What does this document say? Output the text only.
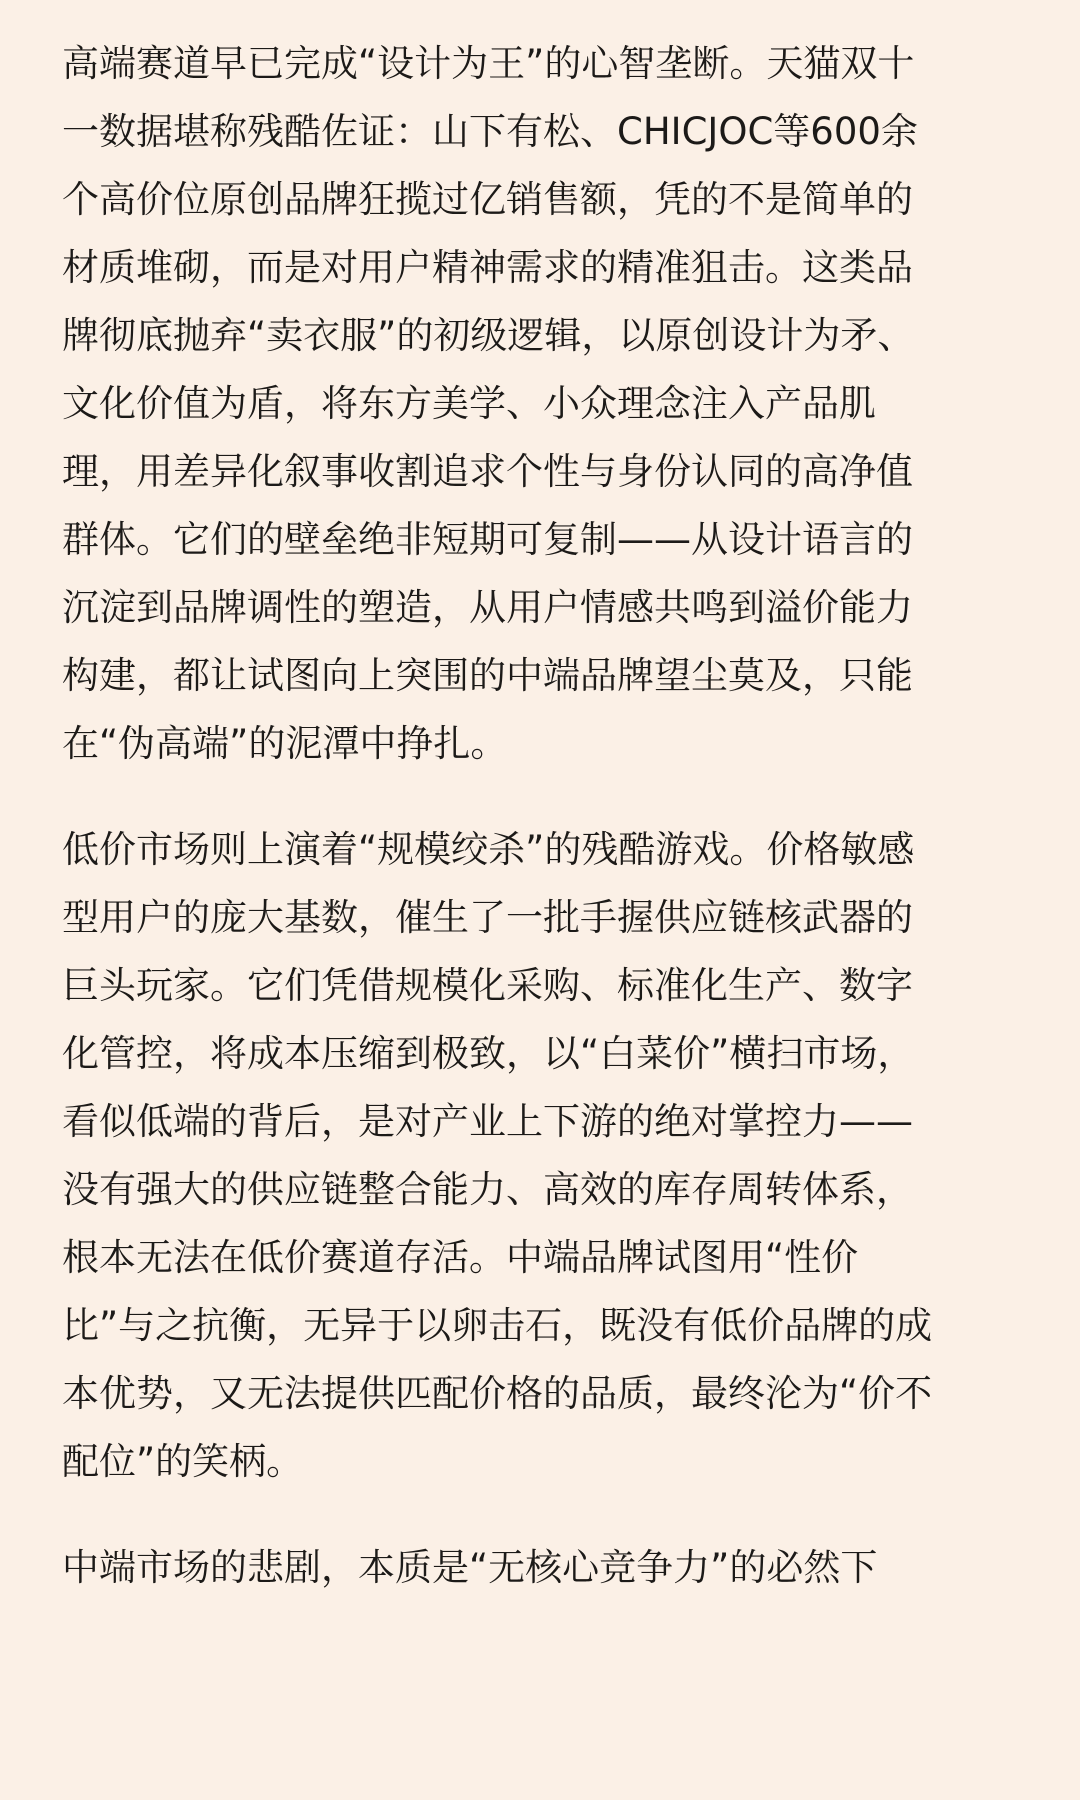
高端赛道早已完成“设计为王”的心智垄断。天猫双十
一数据堪称残酷佐证：山下有松、CHICJOC等600余
个高价位原创品牌狂揽过亿销售额，凭的不是简单的
材质堆砌，而是对用户精神需求的精准狙击。这类品
牌彻底抛弃“卖衣服”的初级逻辑，以原创设计为矛、
文化价值为盾，将东方美学、小众理念注入产品肌
理，用差异化叙事收割追求个性与身份认同的高净值
群体。它们的壁垒绝非短期可复制——从设计语言的
沉淀到品牌调性的塑造，从用户情感共鸣到溢价能力
构建，都让试图向上突围的中端品牌望尘莫及，只能
在“伪高端”的泥潭中挣扎。
低价市场则上演着“规模绞杀”的残酷游戏。价格敏感
型用户的庞大基数，催生了一批手握供应链核武器的
巨头玩家。它们凭借规模化采购、标准化生产、数字
化管控，将成本压缩到极致，以“白菜价”横扫市场，
看似低端的背后，是对产业上下游的绝对掌控力——
没有强大的供应链整合能力、高效的库存周转体系，
根本无法在低价赛道存活。中端品牌试图用“性价
比”与之抗衡，无异于以卵击石，既没有低价品牌的成
本优势，又无法提供匹配价格的品质，最终沦为“价不
配位”的笑柄。
中端市场的悲剧，本质是“无核心竞争力”的必然下
